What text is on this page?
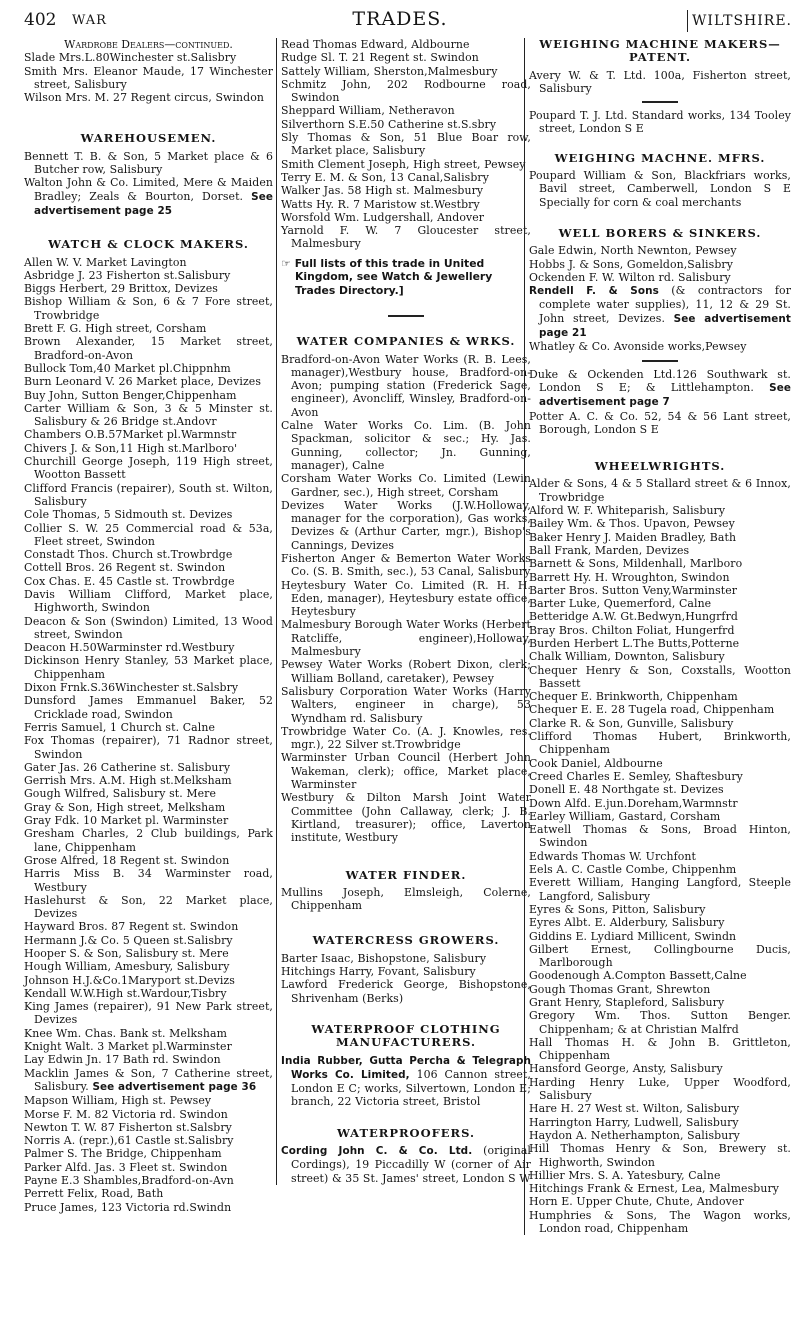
402 WAR	TRADES.	WILTSHIRE.
Wardrobe Dealers—continued.
Slade Mrs.L.80Winchester st.Salisbry
Smith Mrs. Eleanor Maude, 17 Winchester street, Salisbury
Wilson Mrs. M. 27 Regent circus, Swindon
WAREHOUSEMEN.
Bennett T. B. & Son, 5 Market place & 6 Butcher row, Salisbury
Walton John & Co. Limited, Mere & Maiden Bradley; Zeals & Bourton, Dorset. See advertisement page 25
WATCH & CLOCK MAKERS.
Allen W. V. Market Lavington
Asbridge J. 23 Fisherton st.Salisbury
Biggs Herbert, 29 Brittox, Devizes
Bishop William & Son, 6 & 7 Fore street, Trowbridge
Brett F. G. High street, Corsham
Brown Alexander, 15 Market street, Bradford-on-Avon
Bullock Tom,40 Market pl.Chippnhm
Burn Leonard V. 26 Market place, Devizes
Buy John, Sutton Benger,Chippenham
Carter William & Son, 3 & 5 Minster st. Salisbury & 26 Bridge st.Andovr
Chambers O.B.57Market pl.Warmnstr
Chivers J. & Son,11 High st.Marlboro'
Churchill George Joseph, 119 High street, Wootton Bassett
Clifford Francis (repairer), South st. Wilton, Salisbury
Cole Thomas, 5 Sidmouth st. Devizes
Collier S. W. 25 Commercial road & 53a, Fleet street, Swindon
Constadt Thos. Church st.Trowbrdge
Cottell Bros. 26 Regent st. Swindon
Cox Chas. E. 45 Castle st. Trowbrdge
Davis William Clifford, Market place, Highworth, Swindon
Deacon & Son (Swindon) Limited, 13 Wood street, Swindon
Deacon H.50Warminster rd.Westbury
Dickinson Henry Stanley, 53 Market place, Chippenham
Dixon Frnk.S.36Winchester st.Salsbry
Dunsford James Emmanuel Baker, 52 Cricklade road, Swindon
Ferris Samuel, 1 Church st. Calne
Fox Thomas (repairer), 71 Radnor street, Swindon
Gater Jas. 26 Catherine st. Salisbury
Gerrish Mrs. A.M. High st.Melksham
Gough Wilfred, Salisbury st. Mere
Gray & Son, High street, Melksham
Gray Fdk. 10 Market pl. Warminster
Gresham Charles, 2 Club buildings, Park lane, Chippenham
Grose Alfred, 18 Regent st. Swindon
Harris Miss B. 34 Warminster road, Westbury
Haslehurst & Son, 22 Market place, Devizes
Hayward Bros. 87 Regent st. Swindon
Hermann J.& Co. 5 Queen st.Salisbry
Hooper S. & Son, Salisbury st. Mere
Hough William, Amesbury, Salisbury
Johnson H.J.&Co.1Maryport st.Devizs
Kendall W.W.High st.Wardour,Tisbry
King James (repairer), 91 New Park street, Devizes
Knee Wm. Chas. Bank st. Melksham
Knight Walt. 3 Market pl.Warminster
Lay Edwin Jn. 17 Bath rd. Swindon
Macklin James & Son, 7 Catherine street, Salisbury. See advertisement page 36
Mapson William, High st. Pewsey
Morse F. M. 82 Victoria rd. Swindon
Newton T. W. 87 Fisherton st.Salsbry
Norris A. (repr.),61 Castle st.Salisbry
Palmer S. The Bridge, Chippenham
Parker Alfd. Jas. 3 Fleet st. Swindon
Payne E.3 Shambles,Bradford-on-Avn
Perrett Felix, Road, Bath
Pruce James, 123 Victoria rd.Swindn
Read Thomas Edward, Aldbourne
Rudge Sl. T. 21 Regent st. Swindon
Sattely William, Sherston,Malmesbury
Schmitz John, 202 Rodbourne road, Swindon
Sheppard William, Netheravon
Silverthorn S.E.50 Catherine st.S.sbry
Sly Thomas & Son, 51 Blue Boar row, Market place, Salisbury
Smith Clement Joseph, High street, Pewsey
Terry E. M. & Son, 13 Canal,Salisbry
Walker Jas. 58 High st. Malmesbury
Watts Hy. R. 7 Maristow st.Westbry
Worsfold Wm. Ludgershall, Andover
Yarnold F. W. 7 Gloucester street, Malmesbury
☞ Full lists of this trade in United Kingdom, see Watch & Jewellery Trades Directory.]
WATER COMPANIES & WRKS.
Bradford-on-Avon Water Works (R. B. Lees, manager),Westbury house, Bradford-on-Avon; pumping station (Frederick Sage, engineer), Avoncliff, Winsley, Bradford-on-Avon
Calne Water Works Co. Lim. (B. John Spackman, solicitor & sec.; Hy. Jas. Gunning, collector; Jn. Gunning, manager), Calne
Corsham Water Works Co. Limited (Lewin Gardner, sec.), High street, Corsham
Devizes Water Works (J.W.Holloway, manager for the corporation), Gas works, Devizes & (Arthur Carter, mgr.), Bishop's Cannings, Devizes
Fisherton Anger & Bemerton Water Works Co. (S. B. Smith, sec.), 53 Canal, Salisbury
Heytesbury Water Co. Limited (R. H. H. Eden, manager), Heytesbury estate office, Heytesbury
Malmesbury Borough Water Works (Herbert Ratcliffe, engineer),Holloway, Malmesbury
Pewsey Water Works (Robert Dixon, clerk; William Bolland, caretaker), Pewsey
Salisbury Corporation Water Works (Harry Walters, engineer in charge), 53 Wyndham rd. Salisbury
Trowbridge Water Co. (A. J. Knowles, res. mgr.), 22 Silver st.Trowbridge
Warminster Urban Council (Herbert John Wakeman, clerk); office, Market place, Warminster
Westbury & Dilton Marsh Joint Water Committee (John Callaway, clerk; J. B. Kirtland, treasurer); office, Laverton institute, Westbury
WATER FINDER.
Mullins Joseph, Elmsleigh, Colerne, Chippenham
WATERCRESS GROWERS.
Barter Isaac, Bishopstone, Salisbury
Hitchings Harry, Fovant, Salisbury
Lawford Frederick George, Bishopstone, Shrivenham (Berks)
WATERPROOF CLOTHING MANUFACTURERS.
India Rubber, Gutta Percha & Telegraph Works Co. Limited, 106 Cannon street, London E C; works, Silvertown, London E; branch, 22 Victoria street, Bristol
WATERPROOFERS.
Cording John C. & Co. Ltd. (original Cordings), 19 Piccadilly W (corner of Air street) & 35 St. James' street, London S W
WEIGHING MACHINE MAKERS—PATENT.
Avery W. & T. Ltd. 100a, Fisherton street, Salisbury
Poupard T. J. Ltd. Standard works, 134 Tooley street, London S E
WEIGHING MACHNE. MFRS.
Poupard William & Son, Blackfriars works, Bavil street, Camberwell, London S E Specially for corn & coal merchants
WELL BORERS & SINKERS.
Gale Edwin, North Newnton, Pewsey
Hobbs J. & Sons, Gomeldon,Salisbry
Ockenden F. W. Wilton rd. Salisbury
Rendell F. & Sons (& contractors for complete water supplies), 11, 12 & 29 St. John street, Devizes. See advertisement page 21
Whatley & Co. Avonside works,Pewsey
Duke & Ockenden Ltd.126 Southwark st. London S E; & Littlehampton. See advertisement page 7
Potter A. C. & Co. 52, 54 & 56 Lant street, Borough, London S E
WHEELWRIGHTS.
Alder & Sons, 4 & 5 Stallard street & 6 Innox, Trowbridge
Alford W. F. Whiteparish, Salisbury
Bailey Wm. & Thos. Upavon, Pewsey
Baker Henry J. Maiden Bradley, Bath
Ball Frank, Marden, Devizes
Barnett & Sons, Mildenhall, Marlboro
Barrett Hy. H. Wroughton, Swindon
Barter Bros. Sutton Veny,Warminster
Barter Luke, Quemerford, Calne
Betteridge A.W. Gt.Bedwyn,Hungrfrd
Bray Bros. Chilton Foliat, Hungerfrd
Burden Herbert L.The Butts,Potterne
Chalk William, Downton, Salisbury
Chequer Henry & Son, Coxstalls, Wootton Bassett
Chequer E. Brinkworth, Chippenham
Chequer E. E. 28 Tugela road, Chippenham
Clarke R. & Son, Gunville, Salisbury
Clifford Thomas Hubert, Brinkworth, Chippenham
Cook Daniel, Aldbourne
Creed Charles E. Semley, Shaftesbury
Donell E. 48 Northgate st. Devizes
Down Alfd. E.jun.Doreham,Warmnstr
Earley William, Gastard, Corsham
Eatwell Thomas & Sons, Broad Hinton, Swindon
Edwards Thomas W. Urchfont
Eels A. C. Castle Combe, Chippenhm
Everett William, Hanging Langford, Steeple Langford, Salisbury
Eyres & Sons, Pitton, Salisbury
Eyres Albt. E. Alderbury, Salisbury
Giddins E. Lydiard Millicent, Swindn
Gilbert Ernest, Collingbourne Ducis, Marlborough
Goodenough A.Compton Bassett,Calne
Gough Thomas Grant, Shrewton
Grant Henry, Stapleford, Salisbury
Gregory Wm. Thos. Sutton Benger. Chippenham; & at Christian Malfrd
Hall Thomas H. & John B. Grittleton, Chippenham
Hansford George, Ansty, Salisbury
Harding Henry Luke, Upper Woodford, Salisbury
Hare H. 27 West st. Wilton, Salisbury
Harrington Harry, Ludwell, Salisbury
Haydon A. Netherhampton, Salisbury
Hill Thomas Henry & Son, Brewery st. Highworth, Swindon
Hillier Mrs. S. A. Yatesbury, Calne
Hitchings Frank & Ernest, Lea, Malmesbury
Horn E. Upper Chute, Chute, Andover
Humphries & Sons, The Wagon works, London road, Chippenham
